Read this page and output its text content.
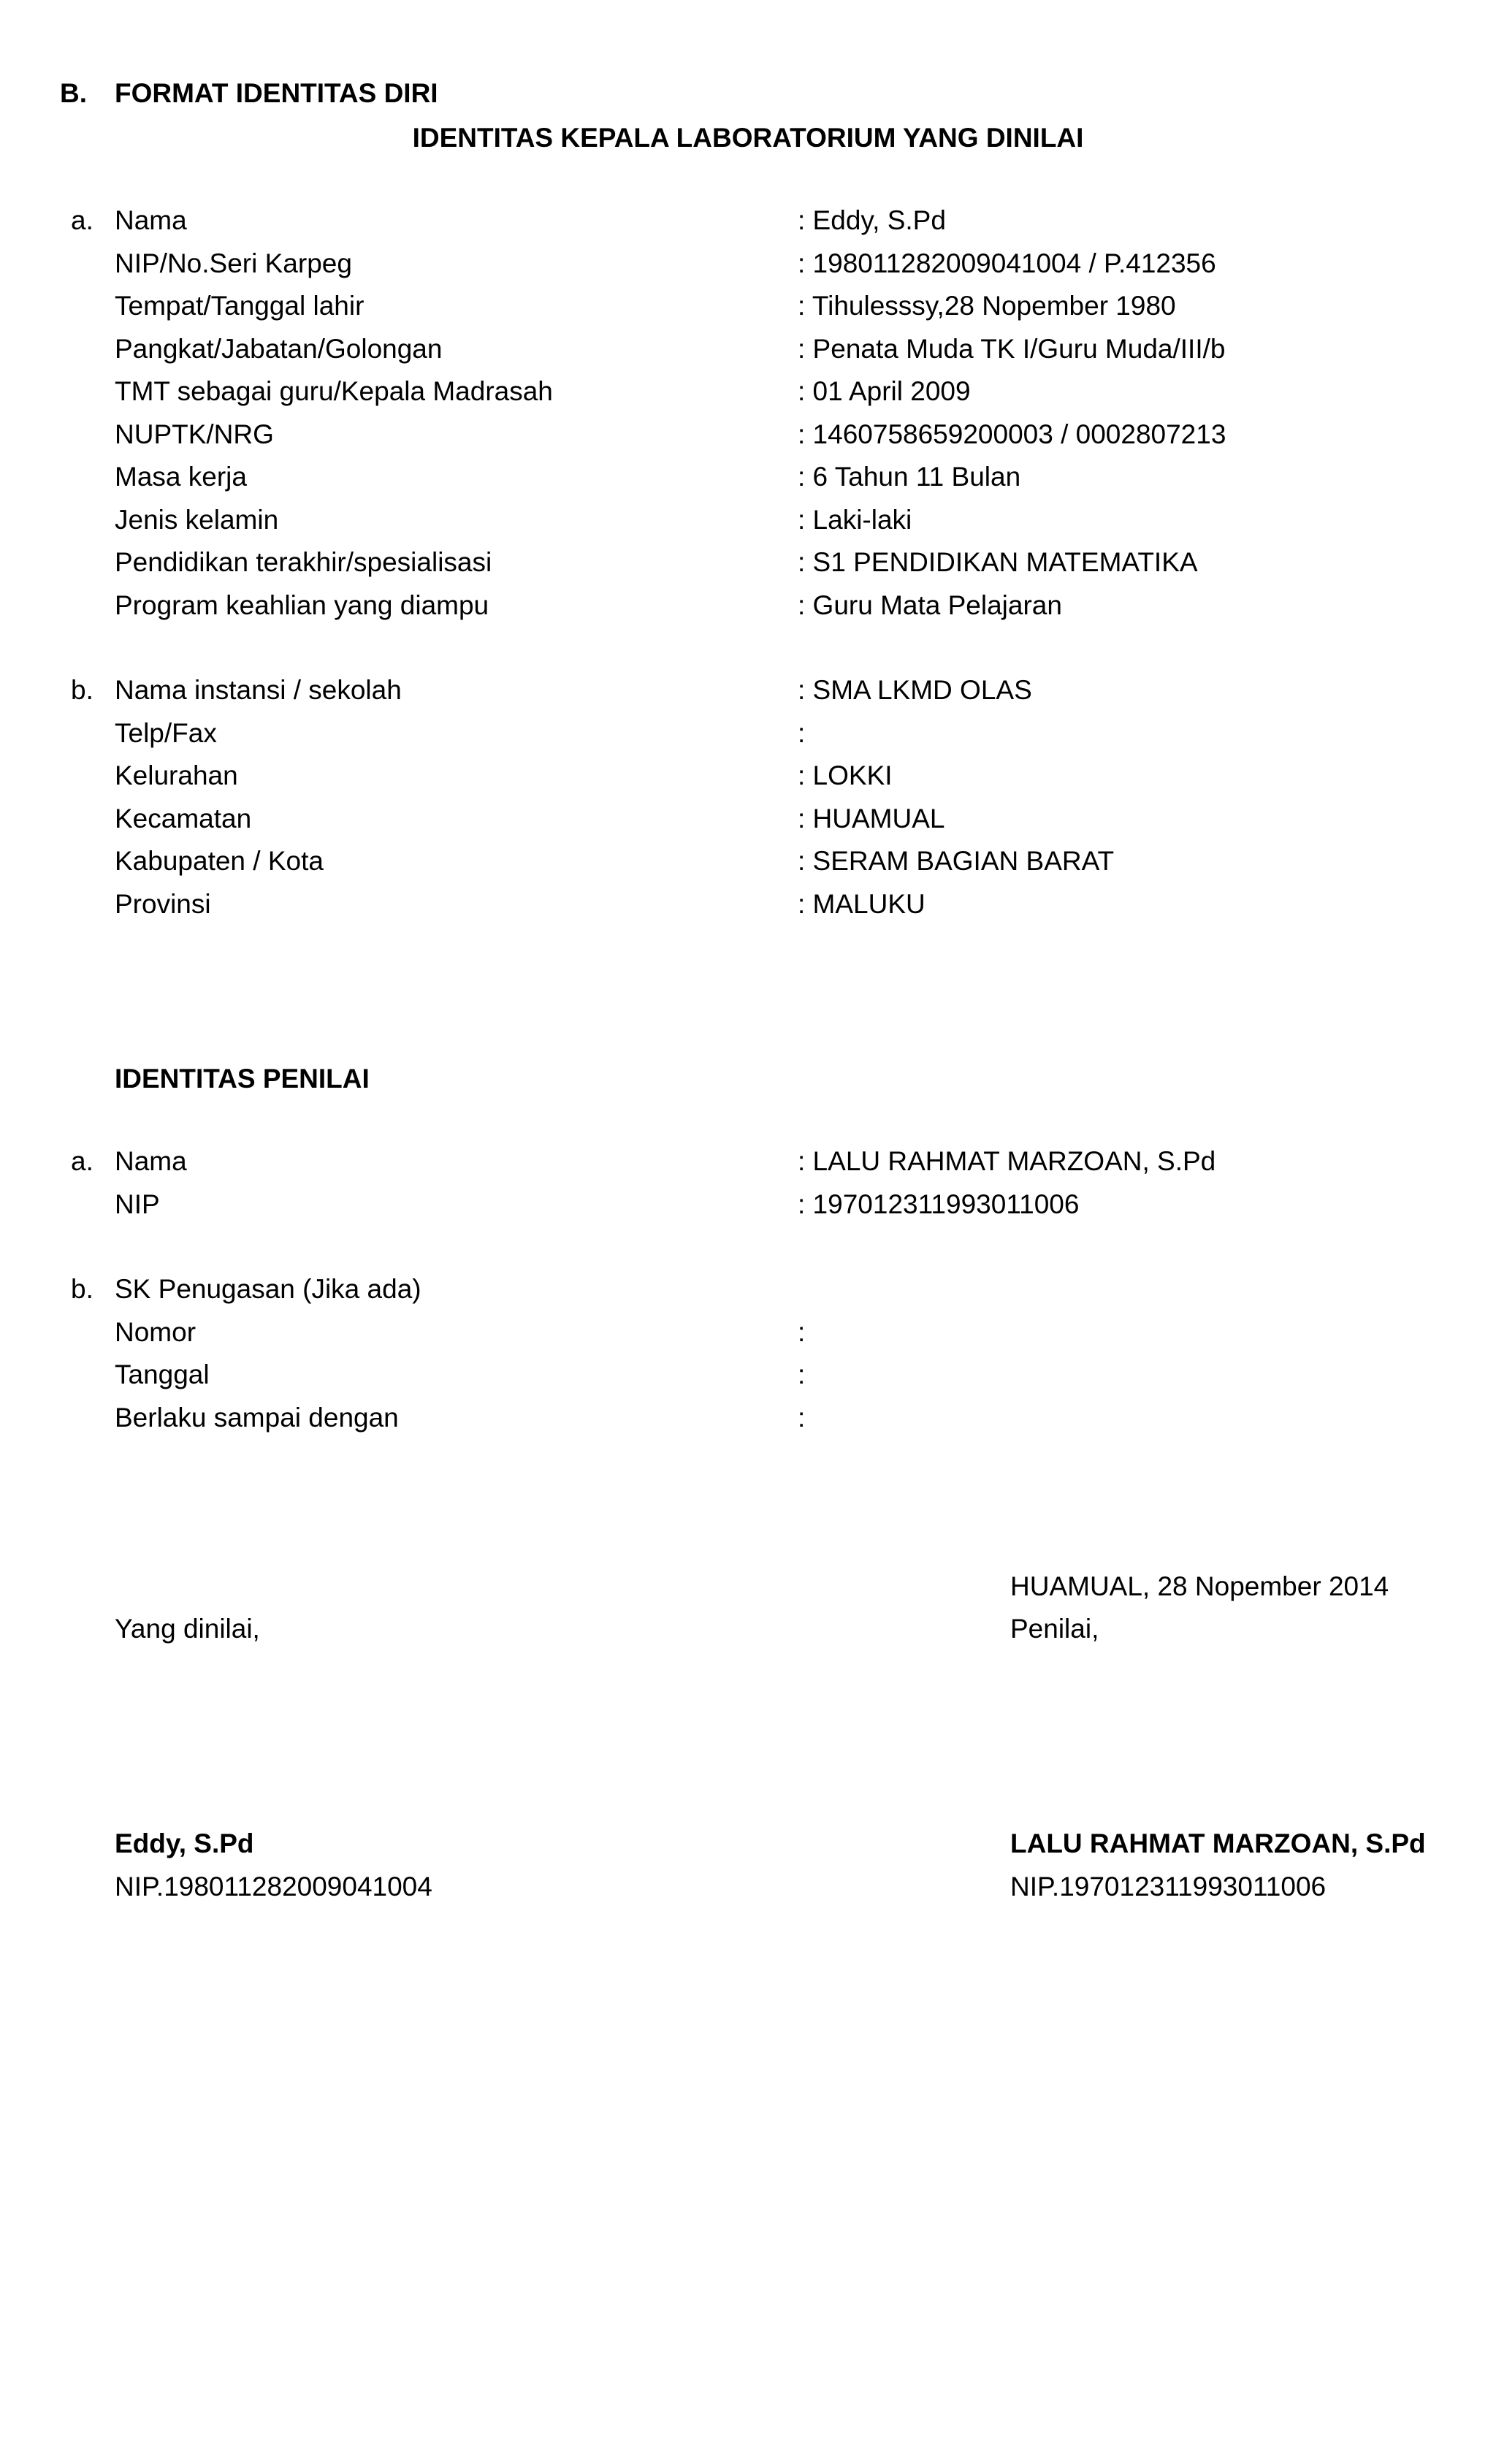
B. FORMAT IDENTITAS DIRI
IDENTITAS KEPALA LABORATORIUM YANG DINILAI
a. Nama	: Eddy, S.Pd
NIP/No.Seri Karpeg	: 198011282009041004 / P.412356
Tempat/Tanggal lahir	: Tihulesssy,28 Nopember 1980
Pangkat/Jabatan/Golongan	: Penata Muda TK I/Guru Muda/III/b
TMT sebagai guru/Kepala Madrasah	: 01 April 2009
NUPTK/NRG	: 1460758659200003 / 0002807213
Masa kerja	: 6 Tahun 11 Bulan
Jenis kelamin	: Laki-laki
Pendidikan terakhir/spesialisasi	: S1 PENDIDIKAN MATEMATIKA
Program keahlian yang diampu	: Guru Mata Pelajaran
b. Nama instansi / sekolah	: SMA LKMD OLAS
Telp/Fax	:
Kelurahan	: LOKKI
Kecamatan	: HUAMUAL
Kabupaten / Kota	: SERAM BAGIAN BARAT
Provinsi	: MALUKU
IDENTITAS PENILAI
a. Nama	: LALU RAHMAT MARZOAN, S.Pd
NIP	: 197012311993011006
b. SK Penugasan (Jika ada)
Nomor	:
Tanggal	:
Berlaku sampai dengan	:
HUAMUAL, 28 Nopember 2014
Yang dinilai,	Penilai,
Eddy, S.Pd
NIP.198011282009041004
LALU RAHMAT MARZOAN, S.Pd
NIP.197012311993011006
